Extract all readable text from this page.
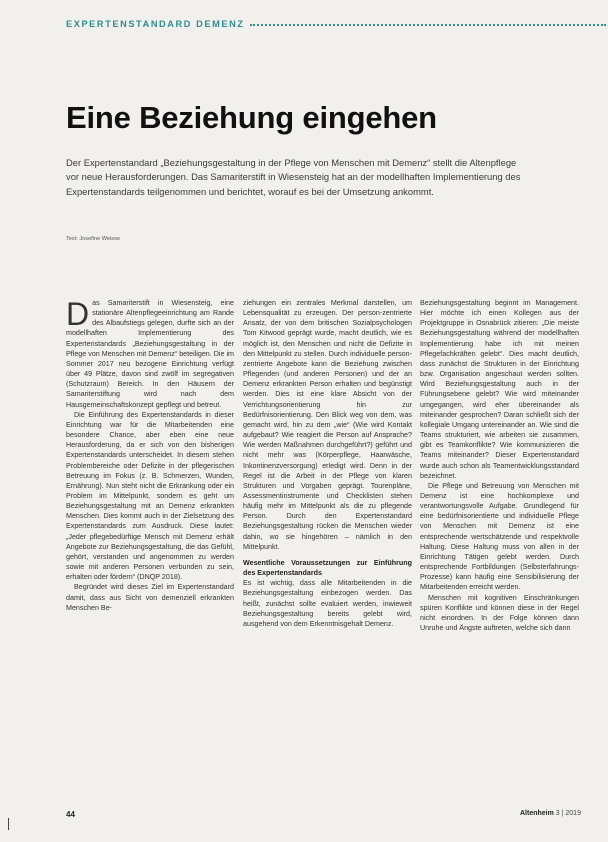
EXPERTENSTANDARD DEMENZ
Eine Beziehung eingehen

Der Expertenstandard „Beziehungsgestaltung in der Pflege von Menschen mit Demenz“ stellt die Altenpflege vor neue Herausforderungen. Das Samariterstift in Wiesensteig hat an der modellhaften Implementierung des Expertenstandards teilgenommen und berichtet, worauf es bei der Umsetzung ankommt.

Text: Josefine Weisse

Das Samariterstift in Wiesensteig, eine stationäre Altenpflegeeinrichtung am Rande des Albaufstiegs gelegen, durfte sich an der modellhaften Implementierung des Expertenstandards „Beziehungsgestaltung in der Pflege von Menschen mit Demenz“ beteiligen. Die im Sommer 2017 neu bezogene Einrichtung verfügt über 49 Plätze, davon sind zwölf im segregativen (Schutzraum) Bereich. In den Häusern der Samariterstiftung wird nach dem Hausgemeinschaftskonzept gepflegt und betreut.

Die Einführung des Expertenstandards in dieser Einrichtung war für die Mitarbeitenden eine besondere Chance, aber eben eine neue Herausforderung, da er sich von den bisherigen Expertenstandards unterscheidet. In diesem stehen Problembereiche oder Defizite in der pflegerischen Betreuung im Fokus (z. B. Schmerzen, Wunden, Ernährung). Nun steht nicht die Erkrankung oder ein Problem im Mittelpunkt, sondern es geht um Beziehungsgestaltung mit an Demenz erkrankten Menschen. Dies kommt auch in der Zielsetzung des Expertenstandards zum Ausdruck. Diese lautet: „Jeder pflegebedürftige Mensch mit Demenz erhält Angebote zur Beziehungsgestaltung, die das Gefühl, gehört, verstanden und angenommen zu werden sowie mit anderen Personen verbunden zu sein, erhalten oder fördern“ (DNQP 2018).

Begründet wird dieses Ziel im Expertenstandard damit, dass aus Sicht von demenziell erkrankten Menschen Be-

ziehungen ein zentrales Merkmal darstellen, um Lebensqualität zu erzeugen. Der person-zentrierte Ansatz, der von dem britischen Sozialpsychologen Tom Kitwood geprägt wurde, macht deutlich, wie es möglich ist, den Menschen und nicht die Defizite in den Mittelpunkt zu stellen. Durch individuelle person-zentrierte Angebote kann die Beziehung zwischen Pflegenden (und anderen Personen) und der an Demenz erkrankten Person erhalten und begünstigt werden. Dies ist eine klare Absicht von der Verrichtungsorientierung hin zur Bedürfnisorientierung. Den Blick weg von dem, was gemacht wird, hin zu dem „wie“ (Wie wird Kontakt aufgebaut? Wie reagiert die Person auf Ansprache? Wie werden Maßnahmen durchgeführt?) geführt und nicht mehr was (Körperpflege, Haarwäsche, Inkontinenzversorgung) erledigt wird. Denn in der Regel ist die Arbeit in der Pflege von klaren Strukturen und Vorgaben geprägt. Tourenpläne, Assessmentinstrumente und Checklisten stehen häufig mehr im Mittelpunkt als die zu pflegende Person. Durch den Expertenstandard Beziehungsgestaltung rücken die Menschen wieder dahin, wo sie hingehören – nämlich in den Mittelpunkt.

Wesentliche Voraussetzungen zur Einführung des Expertenstandards

Es ist wichtig, dass alle Mitarbeitenden in die Beziehungsgestaltung einbezogen werden. Das heißt, zunächst sollte evaluiert werden, inwieweit Beziehungsgestaltung bereits gelebt wird, ausgehend von dem Erkenntnisgehalt Demenz.

Beziehungsgestaltung beginnt im Management. Hier möchte ich einen Kollegen aus der Projektgruppe in Osnabrück zitieren: „Die meiste Beziehungsgestaltung während der modellhaften Implementierung habe ich mit meinen Pflegefachkräften gelebt“. Dies macht deutlich, dass zunächst die Strukturen in der Einrichtung bzw. Organisation angeschaut werden sollten. Wird Beziehungsgestaltung auch in der Führungsebene gelebt? Wie wird miteinander umgegangen, wird eher übereinander als miteinander gesprochen? Daran schließt sich der kollegiale Umgang untereinander an. Wie sind die Teams strukturiert, wie arbeiten sie zusammen, gibt es Teamkonflikte? Wie kommunizieren die Teams miteinander? Dieser Expertenstandard wurde auch schon als Teamentwicklungsstandard bezeichnet.

Die Pflege und Betreuung von Menschen mit Demenz ist eine hochkomplexe und verantwortungsvolle Aufgabe. Grundlegend für eine bedürfnisorientierte und individuelle Pflege von Menschen mit Demenz ist eine entsprechende wertschätzende und respektvolle Haltung. Diese Haltung muss von allen in der Einrichtung Tätigen gelebt werden. Durch entsprechende Fortbildungen (Selbsterfahrungs-Prozesse) kann häufig eine Sensibilisierung der Mitarbeitenden erreicht werden.

Menschen mit kognitiven Einschränkungen spüren Konflikte und können diese in der Regel nicht einordnen. In der Folge können dann Unruhe und Ängste auftreten, welche sich dann

44	Altenheim 3 | 2019
